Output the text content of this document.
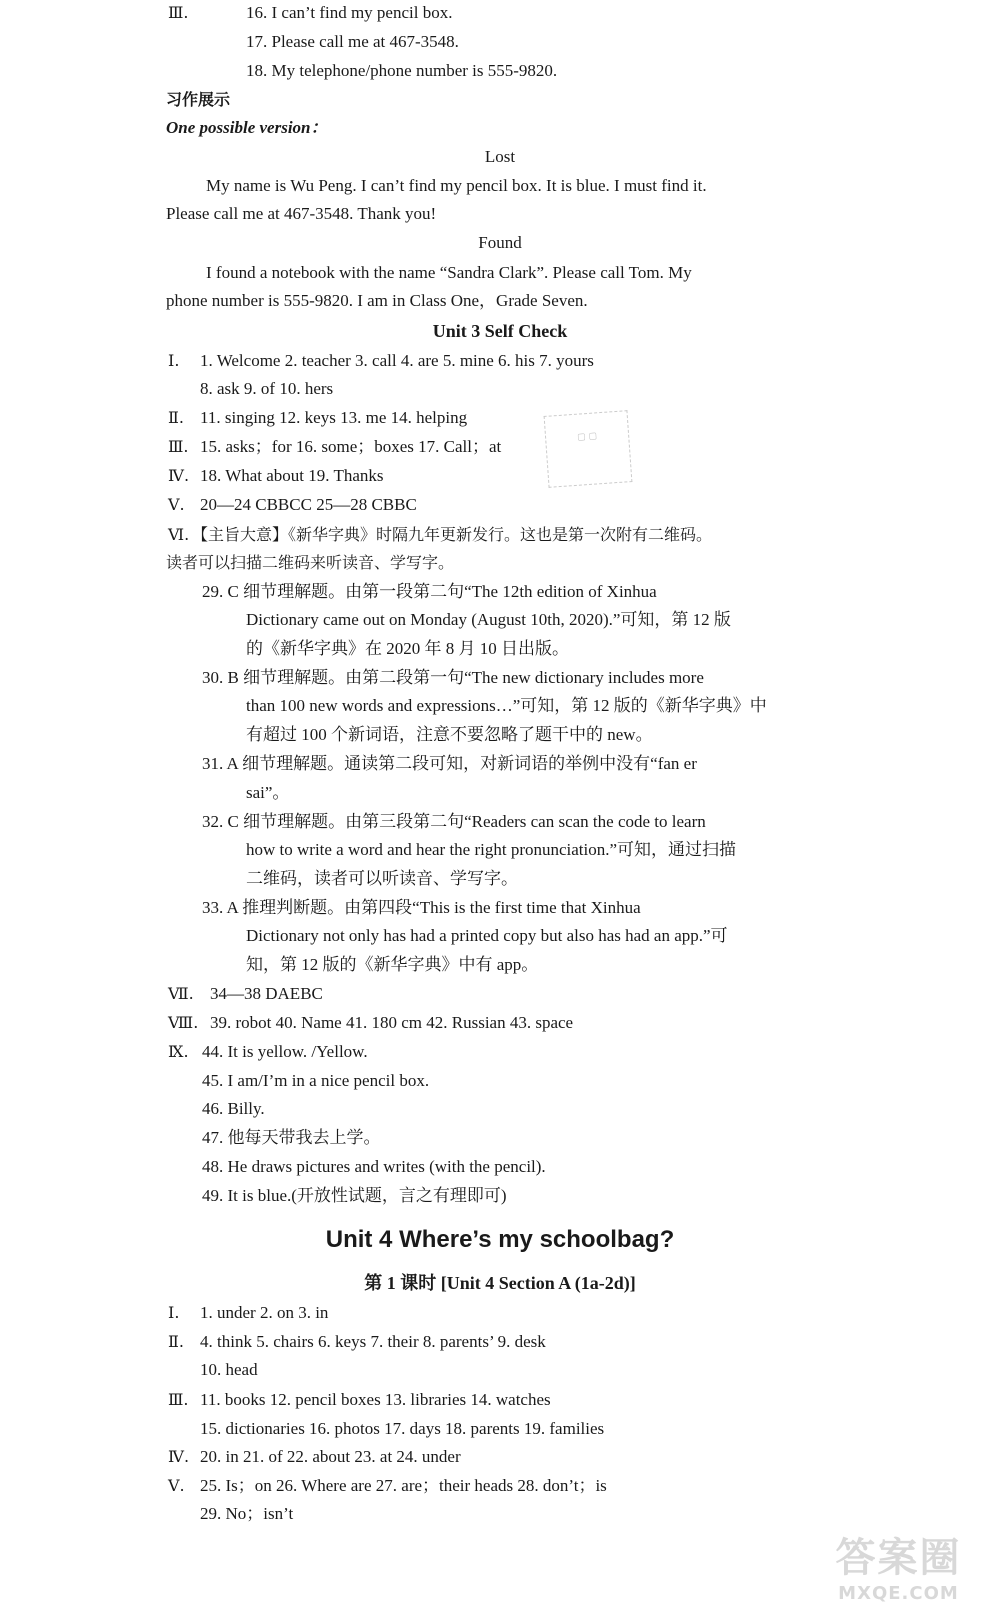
Ⅲ.	16. I can’t find my pencil box.
17. Please call me at 467-3548.
18. My telephone/phone number is 555-9820.
习作展示
One possible version：
Lost
My name is Wu Peng. I can’t find my pencil box. It is blue. I must find it.
Please call me at 467-3548. Thank you!
Found
I found a notebook with the name “Sandra Clark”. Please call Tom. My
phone number is 555-9820. I am in Class One，Grade Seven.
Unit 3 Self Check
Ⅰ. 1. Welcome 2. teacher 3. call 4. are 5. mine 6. his 7. yours
8. ask 9. of 10. hers
Ⅱ. 11. singing 12. keys 13. me 14. helping
Ⅲ. 15. asks；for 16. some；boxes 17. Call；at
Ⅳ. 18. What about 19. Thanks
Ⅴ. 20—24 CBBCC 25—28 CBBC
▢ ▢
Ⅵ. 【主旨大意】《新华字典》时隔九年更新发行。这也是第一次附有二维码。
读者可以扫描二维码来听读音、学写字。
29. C 细节理解题。由第一段第二句“The 12th edition of Xinhua
Dictionary came out on Monday (August 10th, 2020).”可知，第 12 版
的《新华字典》在 2020 年 8 月 10 日出版。
30. B 细节理解题。由第二段第一句“The new dictionary includes more
than 100 new words and expressions…”可知，第 12 版的《新华字典》中
有超过 100 个新词语，注意不要忽略了题干中的 new。
31. A 细节理解题。通读第二段可知，对新词语的举例中没有“fan er
sai”。
32. C 细节理解题。由第三段第二句“Readers can scan the code to learn
how to write a word and hear the right pronunciation.”可知，通过扫描
二维码，读者可以听读音、学写字。
33. A 推理判断题。由第四段“This is the first time that Xinhua
Dictionary not only has had a printed copy but also has had an app.”可
知，第 12 版的《新华字典》中有 app。
Ⅶ. 34—38 DAEBC
Ⅷ. 39. robot 40. Name 41. 180 cm 42. Russian 43. space
Ⅸ. 44. It is yellow. /Yellow.
45. I am/I’m in a nice pencil box.
46. Billy.
47. 他每天带我去上学。
48. He draws pictures and writes (with the pencil).
49. It is blue.(开放性试题，言之有理即可)
Unit 4 Where’s my schoolbag?
第 1 课时 [Unit 4 Section A (1a-2d)]
Ⅰ. 1. under 2. on 3. in
Ⅱ. 4. think 5. chairs 6. keys 7. their 8. parents’ 9. desk
10. head
Ⅲ. 11. books 12. pencil boxes 13. libraries 14. watches
15. dictionaries 16. photos 17. days 18. parents 19. families
Ⅳ. 20. in 21. of 22. about 23. at 24. under
Ⅴ. 25. Is；on 26. Where are 27. are；their heads 28. don’t；is
29. No；isn’t
答案圈
MXQE.COM
